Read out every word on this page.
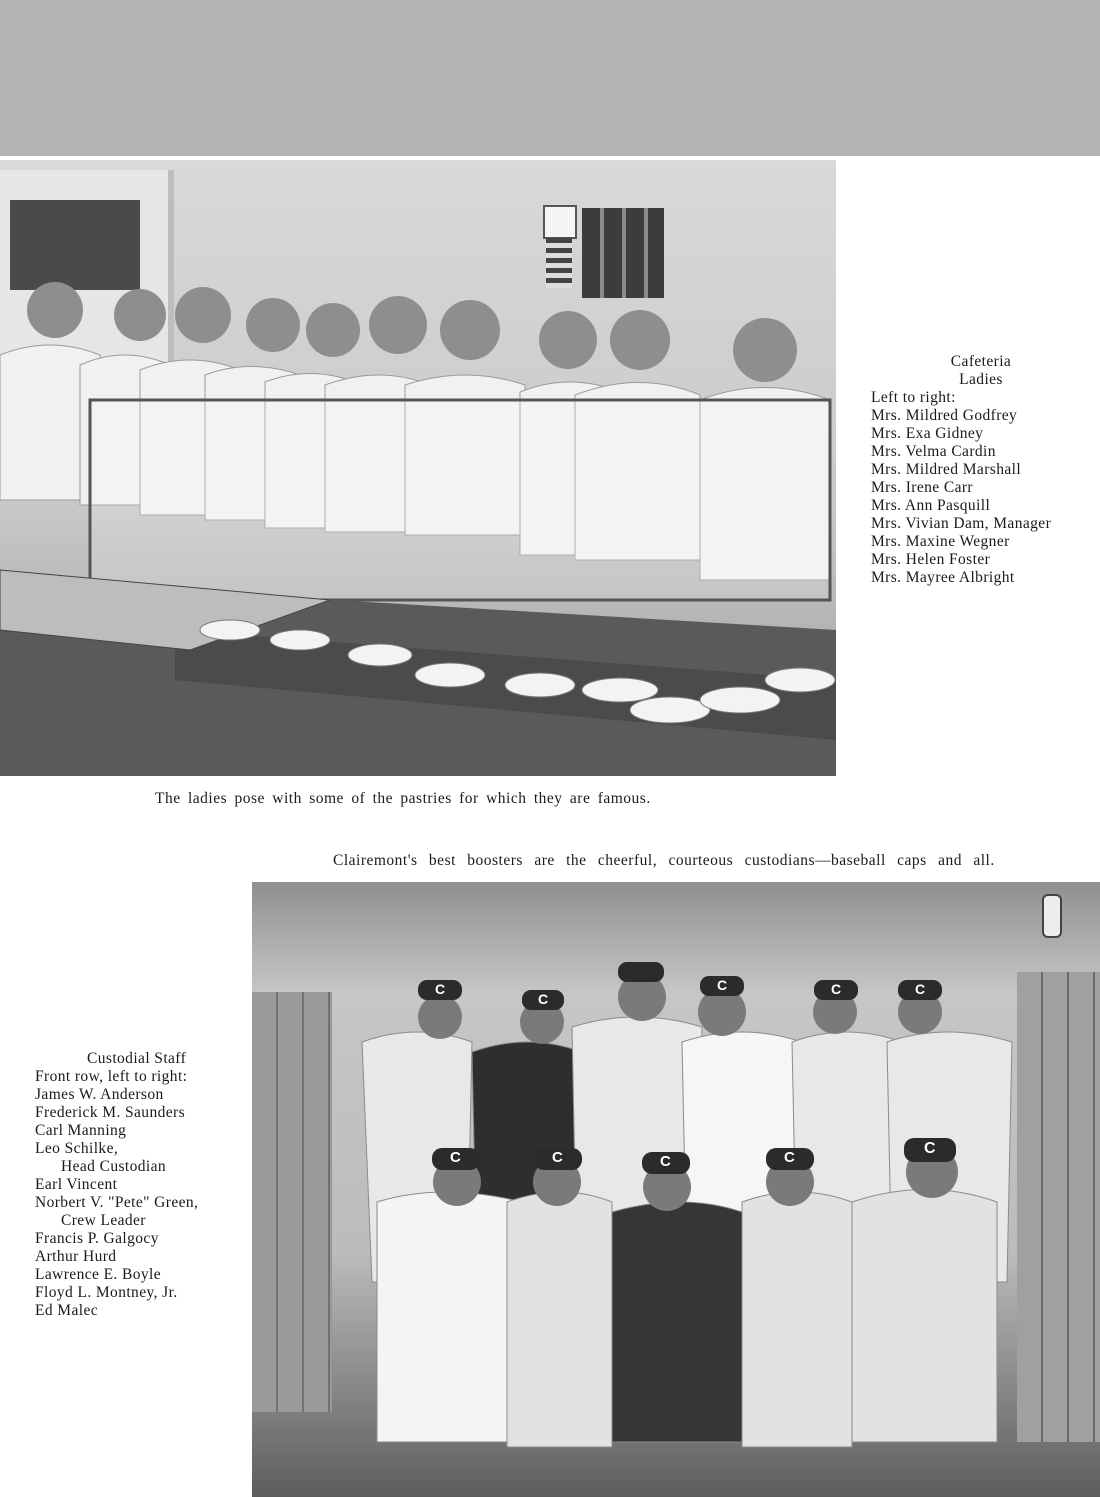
Cafeteria
Ladies
Left to right:
Mrs. Mildred Godfrey
Mrs. Exa Gidney
Mrs. Velma Cardin
Mrs. Mildred Marshall
Mrs. Irene Carr
Mrs. Ann Pasquill
Mrs. Vivian Dam, Manager
Mrs. Maxine Wegner
Mrs. Helen Foster
Mrs. Mayree Albright
The ladies pose with some of the pastries for which they are famous.
Clairemont's best boosters are the cheerful, courteous custodians—baseball caps and all.
C	C	C	C
C
C
C
C	C	C
Custodial Staff
Front row, left to right:
James W. Anderson
Frederick M. Saunders
Carl Manning
Leo Schilke,
Head Custodian
Earl Vincent
Norbert V. "Pete" Green,
Crew Leader
Francis P. Galgocy
Arthur Hurd
Lawrence E. Boyle
Floyd L. Montney, Jr.
Ed Malec
